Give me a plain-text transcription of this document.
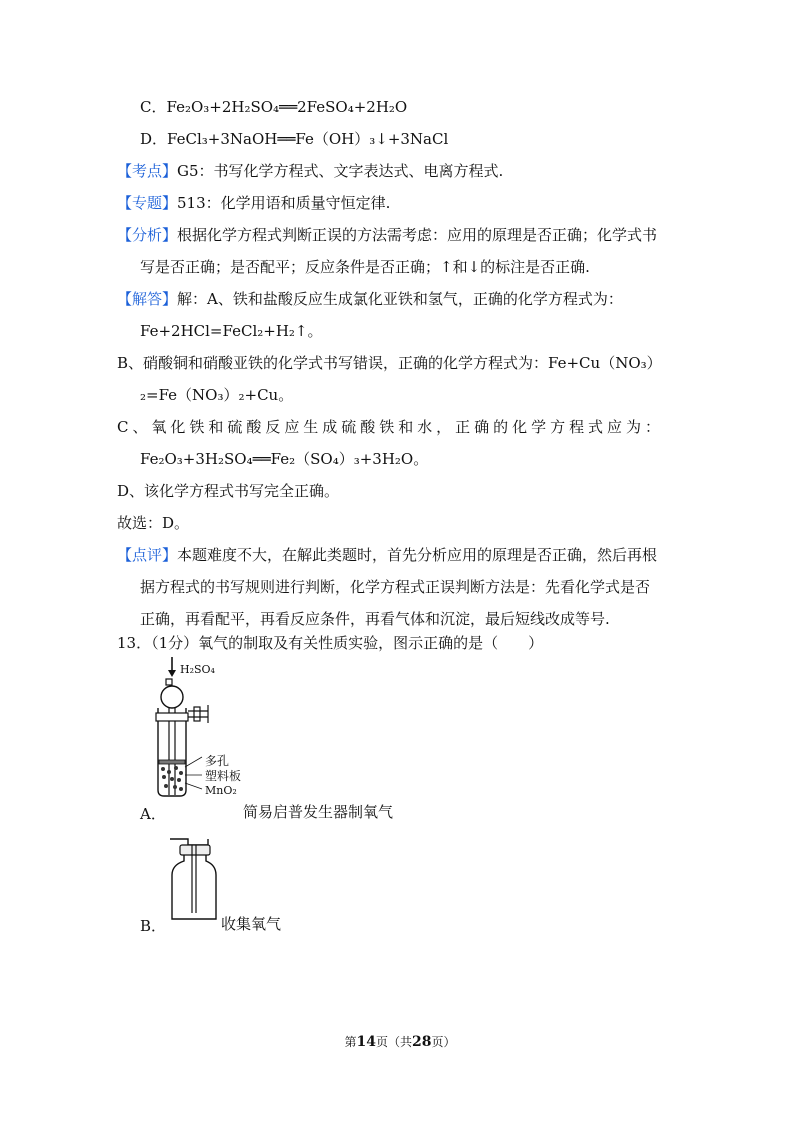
C．Fe₂O₃+2H₂SO₄══2FeSO₄+2H₂O
D．FeCl₃+3NaOH══Fe（OH）₃↓+3NaCl
【考点】G5：书写化学方程式、文字表达式、电离方程式.
【专题】513：化学用语和质量守恒定律.
【分析】根据化学方程式判断正误的方法需考虑：应用的原理是否正确；化学式书
写是否正确；是否配平；反应条件是否正确；↑和↓的标注是否正确.
【解答】解：A、铁和盐酸反应生成氯化亚铁和氢气，正确的化学方程式为：
Fe+2HCl=FeCl₂+H₂↑。
B、硝酸铜和硝酸亚铁的化学式书写错误，正确的化学方程式为：Fe+Cu（NO₃）
₂=Fe（NO₃）₂+Cu。
C、氧化铁和硫酸反应生成硫酸铁和水，正确的化学方程式应为：
Fe₂O₃+3H₂SO₄══Fe₂（SO₄）₃+3H₂O。
D、该化学方程式书写完全正确。
故选：D。
【点评】本题难度不大，在解此类题时，首先分析应用的原理是否正确，然后再根
据方程式的书写规则进行判断，化学方程式正误判断方法是：先看化学式是否
正确，再看配平，再看反应条件，再看气体和沉淀，最后短线改成等号.
13．（1分）氧气的制取及有关性质实验，图示正确的是（　　）
H₂SO₄
多孔
塑料板
MnO₂
A．	简易启普发生器制氧气
B．	收集氧气
第14页（共28页）
